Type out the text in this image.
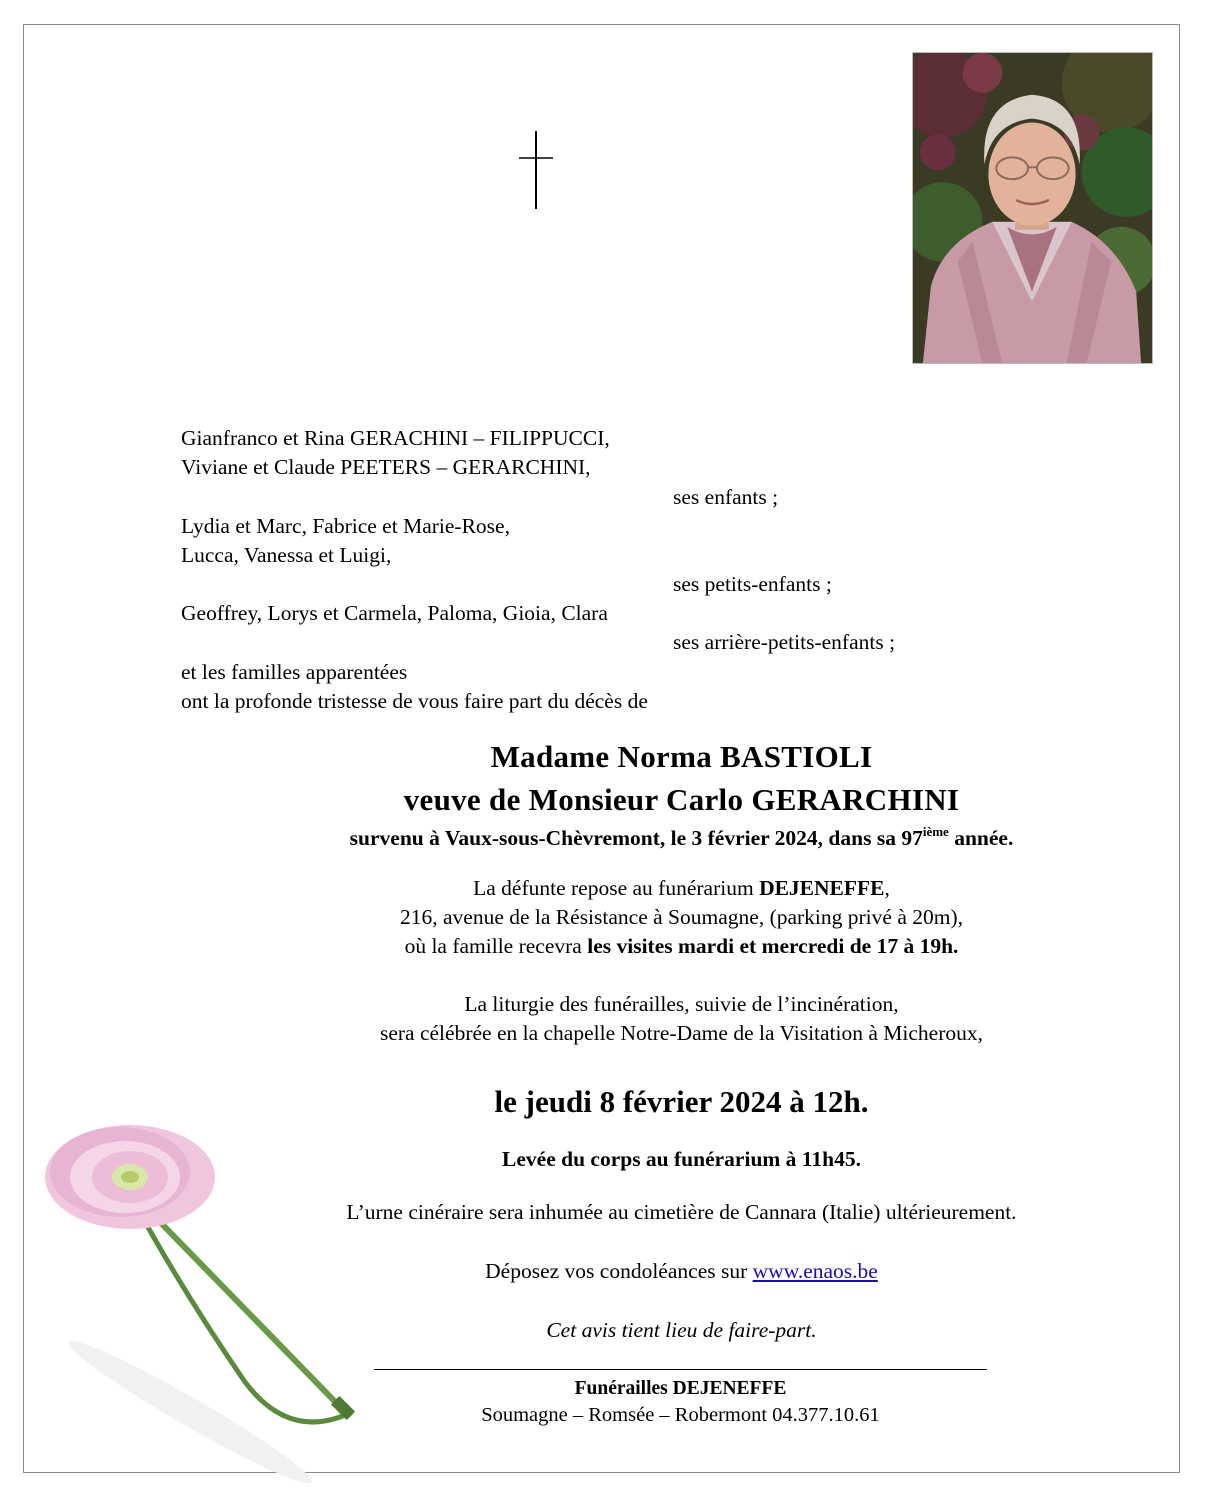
Gianfranco et Rina GERACHINI – FILIPPUCCI,
Viviane et Claude PEETERS – GERARCHINI,
ses enfants ;
Lydia et Marc, Fabrice et Marie-Rose,
Lucca, Vanessa et Luigi,
ses petits-enfants ;
Geoffrey, Lorys et Carmela, Paloma, Gioia, Clara
ses arrière-petits-enfants ;
et les familles apparentées
ont la profonde tristesse de vous faire part du décès de
Madame Norma BASTIOLI
veuve de Monsieur Carlo GERARCHINI
survenu à Vaux-sous-Chèvremont, le 3 février 2024, dans sa 97ième année.
La défunte repose au funérarium DEJENEFFE,
216, avenue de la Résistance à Soumagne, (parking privé à 20m),
où la famille recevra les visites mardi et mercredi de 17 à 19h.
La liturgie des funérailles, suivie de l’incinération,
sera célébrée en la chapelle Notre-Dame de la Visitation à Micheroux,
le jeudi 8 février 2024 à 12h.
Levée du corps au funérarium à 11h45.
L’urne cinéraire sera inhumée au cimetière de Cannara (Italie) ultérieurement.
Déposez vos condoléances sur www.enaos.be
Cet avis tient lieu de faire-part.
Funérailles DEJENEFFE
Soumagne – Romsée – Robermont 04.377.10.61
